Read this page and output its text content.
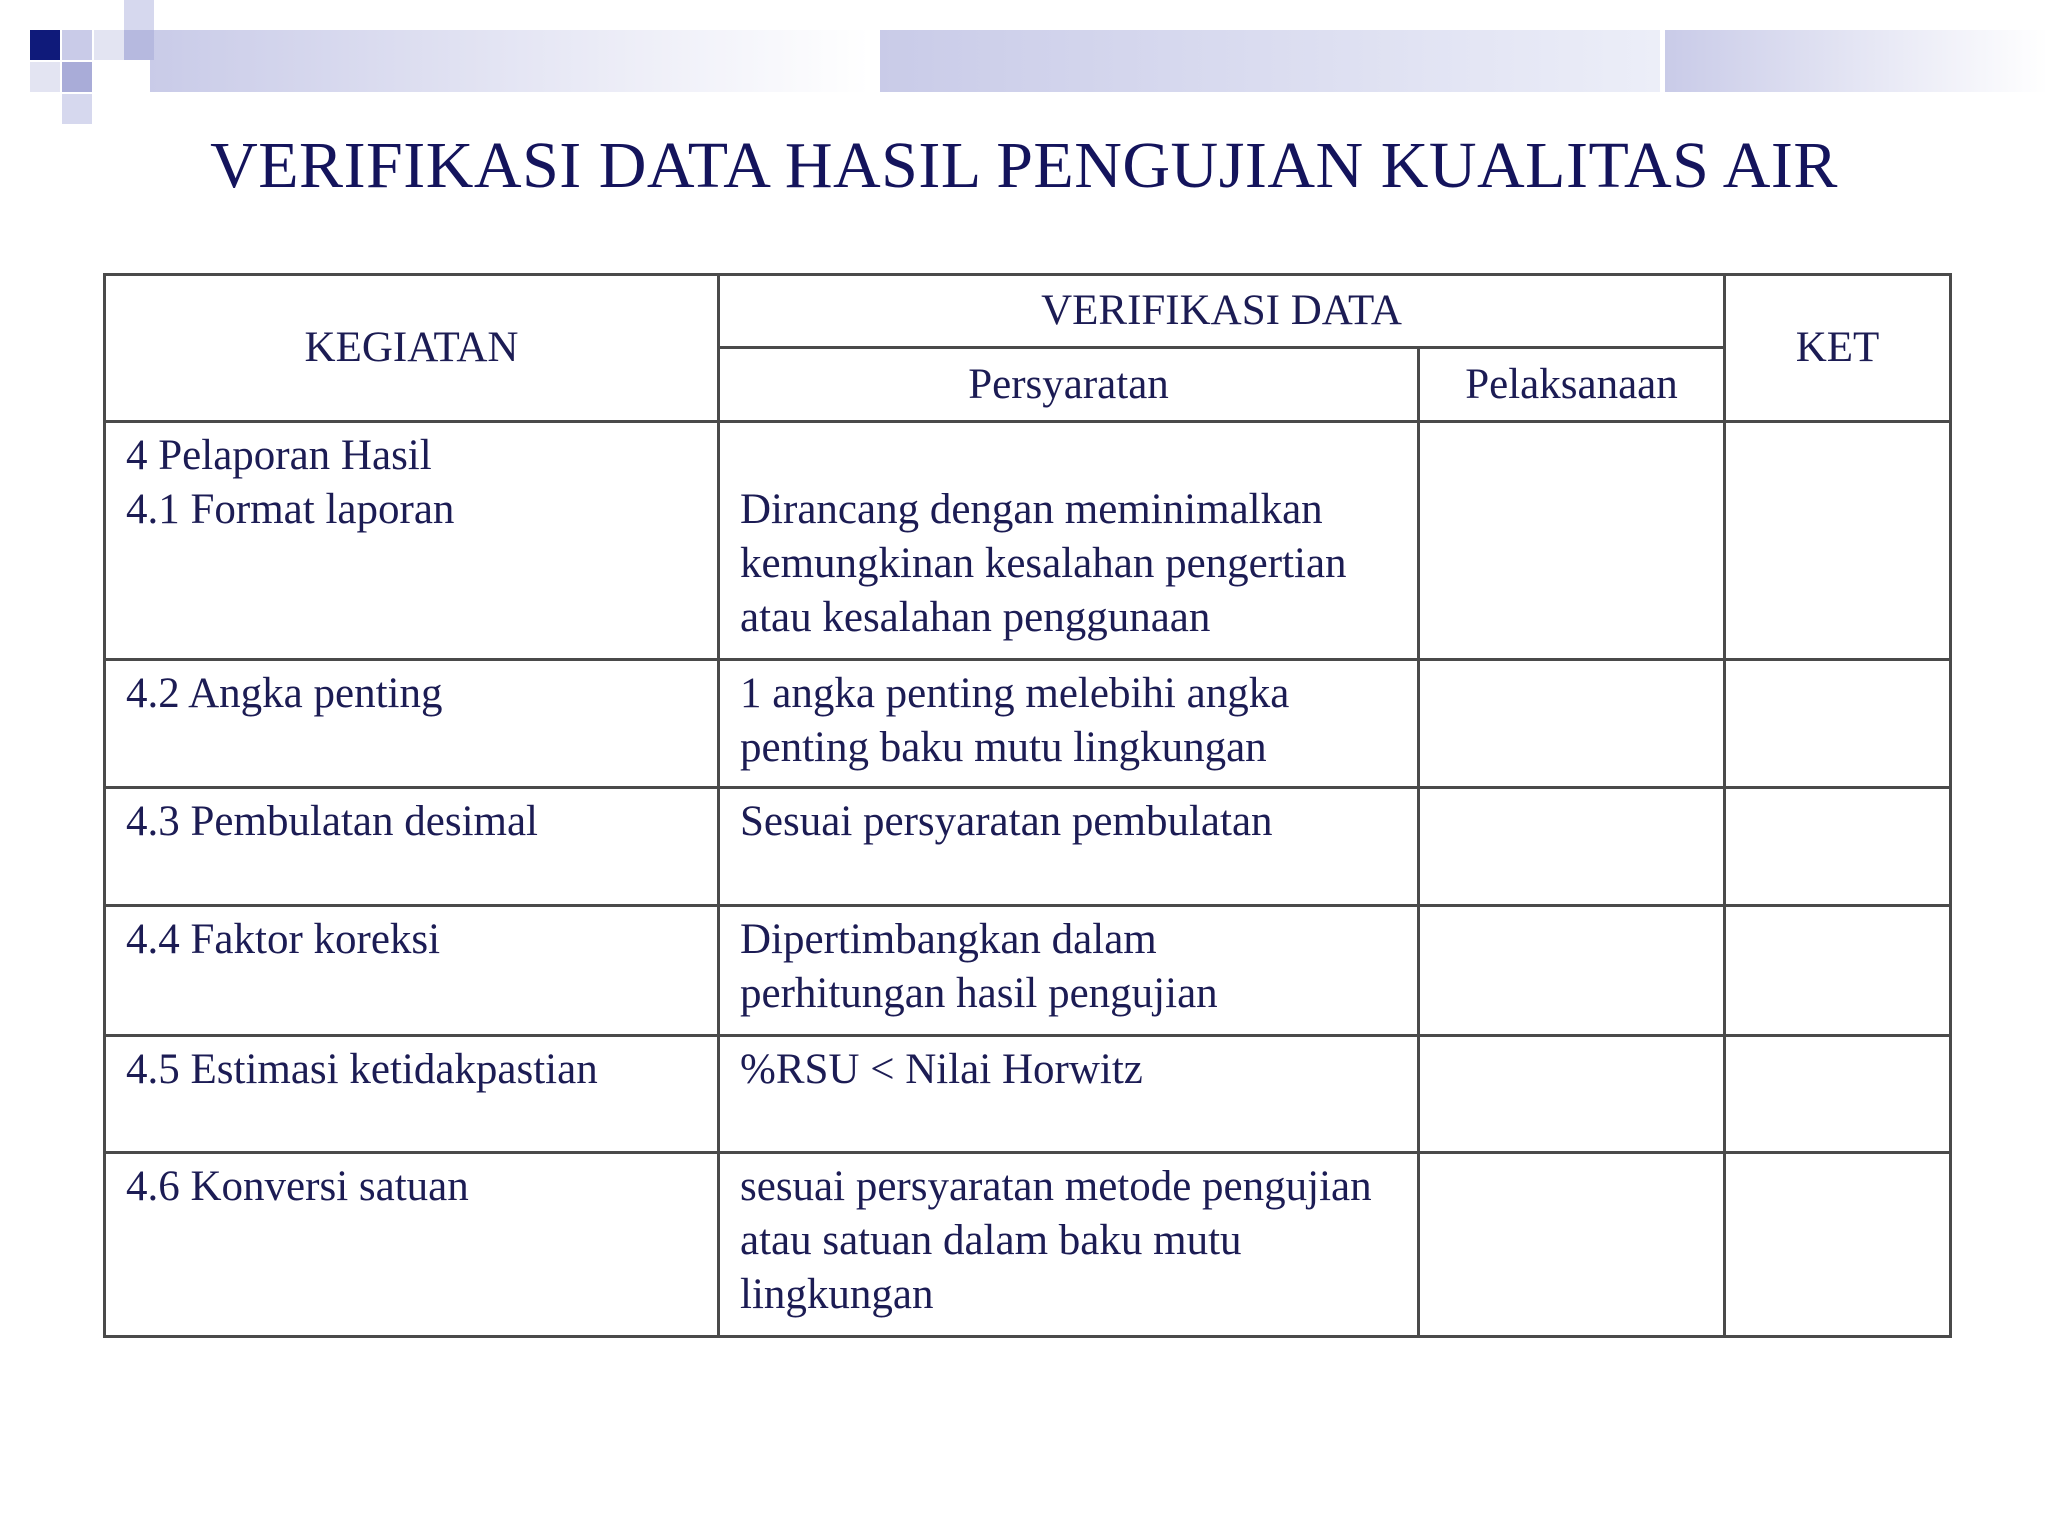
VERIFIKASI DATA HASIL PENGUJIAN KUALITAS AIR
KEGIATAN	VERIFIKASI DATA		KET
	Persyaratan	Pelaksanaan	

4 Pelaporan Hasil
4.1 Format laporan	Dirancang dengan meminimalkan
kemungkinan kesalahan pengertian
atau kesalahan penggunaan		

4.2 Angka penting	1 angka penting melebihi angka
penting baku mutu lingkungan		

4.3 Pembulatan desimal	Sesuai persyaratan pembulatan		

4.4 Faktor koreksi	Dipertimbangkan dalam
perhitungan hasil pengujian		

4.5 Estimasi ketidakpastian	%RSU < Nilai Horwitz		

4.6 Konversi satuan	sesuai persyaratan metode pengujian
atau satuan dalam baku mutu
lingkungan		
